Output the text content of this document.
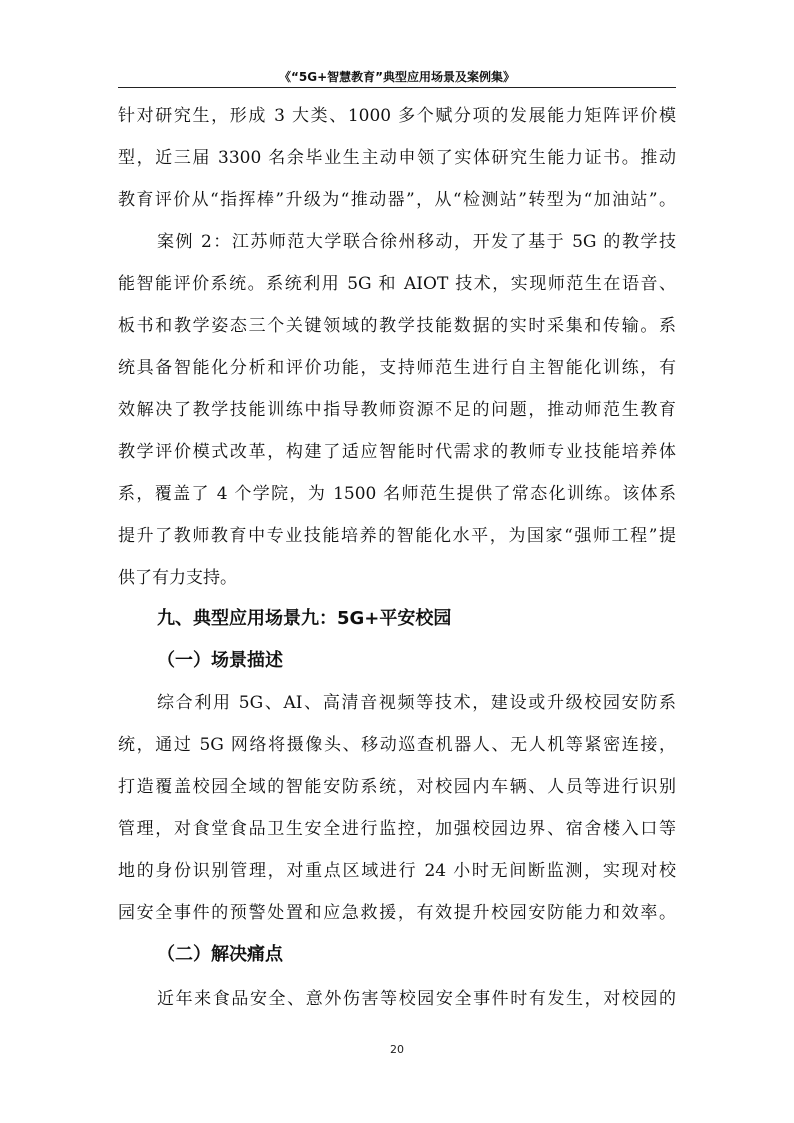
《“5G+智慧教育”典型应用场景及案例集》
针对研究生，形成 3 大类、1000 多个赋分项的发展能力矩阵评价模
型，近三届 3300 名余毕业生主动申领了实体研究生能力证书。推动
教育评价从“指挥棒”升级为“推动器”，从“检测站”转型为“加油站”。
案例 2：江苏师范大学联合徐州移动，开发了基于 5G 的教学技
能智能评价系统。系统利用 5G 和 AIOT 技术，实现师范生在语音、
板书和教学姿态三个关键领域的教学技能数据的实时采集和传输。系
统具备智能化分析和评价功能，支持师范生进行自主智能化训练，有
效解决了教学技能训练中指导教师资源不足的问题，推动师范生教育
教学评价模式改革，构建了适应智能时代需求的教师专业技能培养体
系，覆盖了 4 个学院，为 1500 名师范生提供了常态化训练。该体系
提升了教师教育中专业技能培养的智能化水平，为国家“强师工程”提
供了有力支持。
九、典型应用场景九：5G+平安校园
（一）场景描述
综合利用 5G、AI、高清音视频等技术，建设或升级校园安防系
统，通过 5G 网络将摄像头、移动巡查机器人、无人机等紧密连接，
打造覆盖校园全域的智能安防系统，对校园内车辆、人员等进行识别
管理，对食堂食品卫生安全进行监控，加强校园边界、宿舍楼入口等
地的身份识别管理，对重点区域进行 24 小时无间断监测，实现对校
园安全事件的预警处置和应急救援，有效提升校园安防能力和效率。
（二）解决痛点
近年来食品安全、意外伤害等校园安全事件时有发生，对校园的
20
